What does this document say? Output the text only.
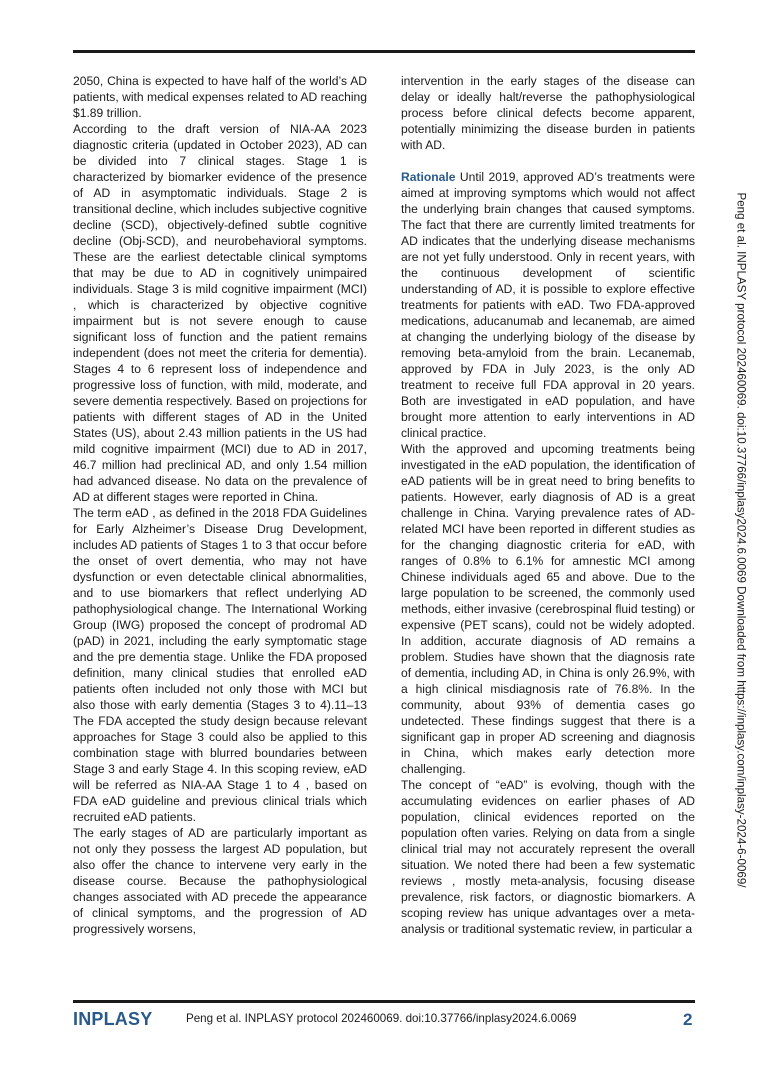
2050, China is expected to have half of the world’s AD patients, with medical expenses related to AD reaching $1.89 trillion.

According to the draft version of NIA-AA 2023 diagnostic criteria (updated in October 2023), AD can be divided into 7 clinical stages. Stage 1 is characterized by biomarker evidence of the presence of AD in asymptomatic individuals. Stage 2 is transitional decline, which includes subjective cognitive decline (SCD), objectively-defined subtle cognitive decline (Obj-SCD), and neurobehavioral symptoms. These are the earliest detectable clinical symptoms that may be due to AD in cognitively unimpaired individuals. Stage 3 is mild cognitive impairment (MCI) , which is characterized by objective cognitive impairment but is not severe enough to cause significant loss of function and the patient remains independent (does not meet the criteria for dementia). Stages 4 to 6 represent loss of independence and progressive loss of function, with mild, moderate, and severe dementia respectively. Based on projections for patients with different stages of AD in the United States (US), about 2.43 million patients in the US had mild cognitive impairment (MCI) due to AD in 2017, 46.7 million had preclinical AD, and only 1.54 million had advanced disease. No data on the prevalence of AD at different stages were reported in China.

The term eAD , as defined in the 2018 FDA Guidelines for Early Alzheimer’s Disease Drug Development, includes AD patients of Stages 1 to 3 that occur before the onset of overt dementia, who may not have dysfunction or even detectable clinical abnormalities, and to use biomarkers that reflect underlying AD pathophysiological change. The International Working Group (IWG) proposed the concept of prodromal AD (pAD) in 2021, including the early symptomatic stage and the pre dementia stage. Unlike the FDA proposed definition, many clinical studies that enrolled eAD patients often included not only those with MCI but also those with early dementia (Stages 3 to 4).11–13 The FDA accepted the study design because relevant approaches for Stage 3 could also be applied to this combination stage with blurred boundaries between Stage 3 and early Stage 4. In this scoping review, eAD will be referred as NIA-AA Stage 1 to 4 , based on FDA eAD guideline and previous clinical trials which recruited eAD patients.

The early stages of AD are particularly important as not only they possess the largest AD population, but also offer the chance to intervene very early in the disease course. Because the pathophysiological changes associated with AD precede the appearance of clinical symptoms, and the progression of AD progressively worsens,

intervention in the early stages of the disease can delay or ideally halt/reverse the pathophysiological process before clinical defects become apparent, potentially minimizing the disease burden in patients with AD.

Rationale Until 2019, approved AD’s treatments were aimed at improving symptoms which would not affect the underlying brain changes that caused symptoms. The fact that there are currently limited treatments for AD indicates that the underlying disease mechanisms are not yet fully understood. Only in recent years, with the continuous development of scientific understanding of AD, it is possible to explore effective treatments for patients with eAD. Two FDA-approved medications, aducanumab and lecanemab, are aimed at changing the underlying biology of the disease by removing beta-amyloid from the brain. Lecanemab, approved by FDA in July 2023, is the only AD treatment to receive full FDA approval in 20 years. Both are investigated in eAD population, and have brought more attention to early interventions in AD clinical practice.

With the approved and upcoming treatments being investigated in the eAD population, the identification of eAD patients will be in great need to bring benefits to patients. However, early diagnosis of AD is a great challenge in China. Varying prevalence rates of AD-related MCI have been reported in different studies as for the changing diagnostic criteria for eAD, with ranges of 0.8% to 6.1% for amnestic MCI among Chinese individuals aged 65 and above. Due to the large population to be screened, the commonly used methods, either invasive (cerebrospinal fluid testing) or expensive (PET scans), could not be widely adopted. In addition, accurate diagnosis of AD remains a problem. Studies have shown that the diagnosis rate of dementia, including AD, in China is only 26.9%, with a high clinical misdiagnosis rate of 76.8%. In the community, about 93% of dementia cases go undetected. These findings suggest that there is a significant gap in proper AD screening and diagnosis in China, which makes early detection more challenging.

The concept of “eAD” is evolving, though with the accumulating evidences on earlier phases of AD population, clinical evidences reported on the population often varies. Relying on data from a single clinical trial may not accurately represent the overall situation. We noted there had been a few systematic reviews , mostly meta-analysis, focusing disease prevalence, risk factors, or diagnostic biomarkers. A scoping review has unique advantages over a meta-analysis or traditional systematic review, in particular a

Peng et al. INPLASY protocol 202460069. doi:10.37766/inplasy2024.6.0069 Downloaded from https://inplasy.com/inplasy-2024-6-0069/
INPLASY	Peng et al. INPLASY protocol 202460069. doi:10.37766/inplasy2024.6.0069	2
